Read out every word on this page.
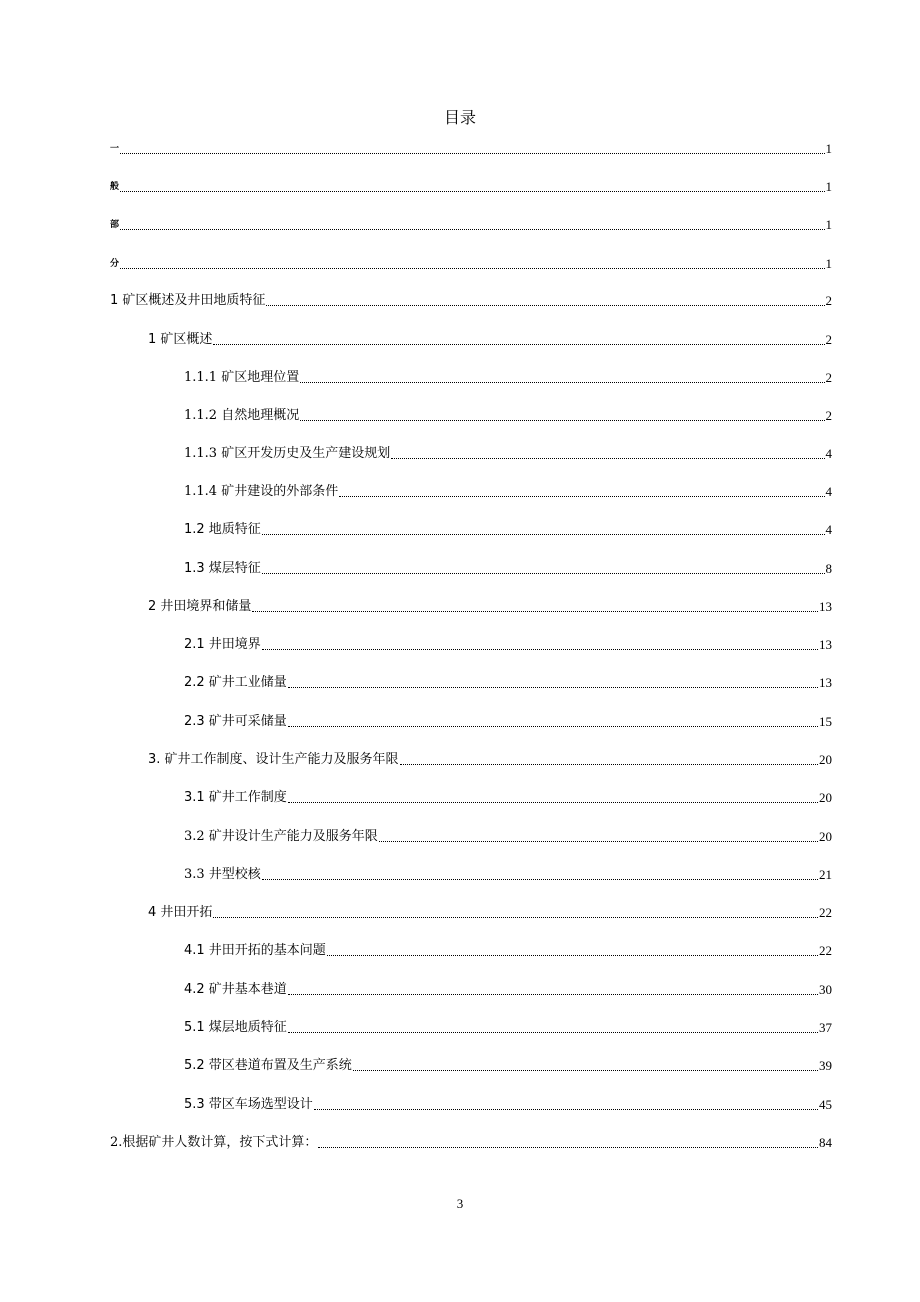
目录
一	1
般	1
部	1
分	1
1 矿区概述及井田地质特征	2
1 矿区概述	2
1.1.1 矿区地理位置	2
1.1.2 自然地理概况	2
1.1.3 矿区开发历史及生产建设规划	4
1.1.4 矿井建设的外部条件	4
1.2 地质特征	4
1.3 煤层特征	8
2 井田境界和储量	13
2.1 井田境界	13
2.2 矿井工业储量	13
2.3 矿井可采储量	15
3. 矿井工作制度、设计生产能力及服务年限	20
3.1 矿井工作制度	20
3.2 矿井设计生产能力及服务年限	20
3.3 井型校核	21
4 井田开拓	22
4.1 井田开拓的基本问题	22
4.2 矿井基本巷道	30
5.1 煤层地质特征	37
5.2 带区巷道布置及生产系统	39
5.3 带区车场选型设计	45
2.根据矿井人数计算，按下式计算：	84
3
